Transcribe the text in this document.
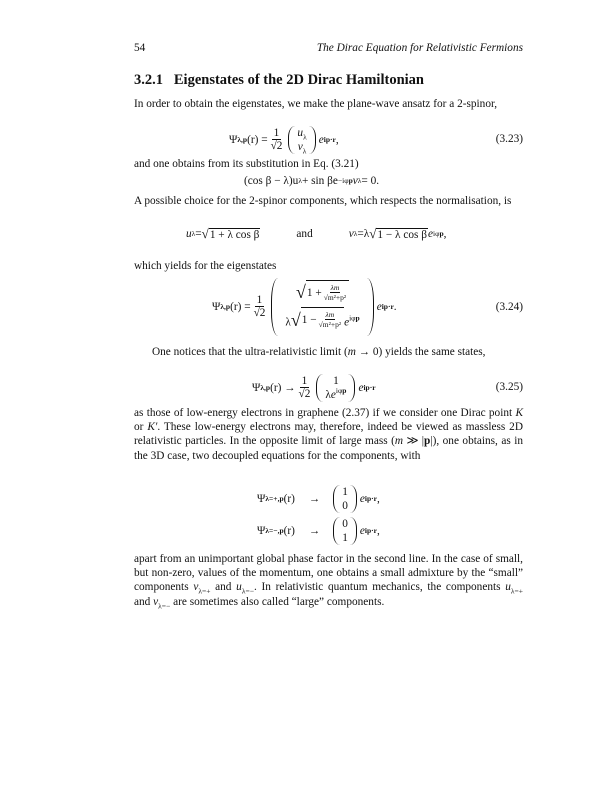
54	The Dirac Equation for Relativistic Fermions
3.2.1 Eigenstates of the 2D Dirac Hamiltonian
In order to obtain the eigenstates, we make the plane-wave ansatz for a 2-spinor,
Ψ λ,p $(r) = \frac{1}{√2} u_\lambda$
$v_\lambda$
e ip·r ,	(3.23)
and one obtains from its substitution in Eq. (3.21)
(cos β − λ)u λ + sin βe −iφp v λ = 0.
A possible choice for the 2-spinor components, which respects the normalisation, is
u λ = √ 1 + λ cos β	and	v λ = λ √ 1 − λ cos β e iφp ,
which yields for the eigenstates
Ψ λ,p $(r) = \frac{1}{√2}$
√ $1 + \frac{\lambda m}{\text{√m²+p²}}$
λ √ $1 - \frac{\lambda m}{\text{√m²+p²}} e^{i\varphi p}$
e ip·r .	(3.24)
One notices that the ultra-relativistic limit (m → 0) yields the same states,
Ψ λ,p (r)
→ $\frac{1}{√2} 1$
$\lambda e^{i\varphi p}$ e ip·r	(3.25)
as those of low-energy electrons in graphene (2.37) if we consider one Dirac point K or K′. These low-energy electrons may, therefore, indeed be viewed as massless 2D relativistic particles. In the opposite limit of large mass (m ≫ |p|), one obtains, as in the 3D case, two decoupled equations for the components, with
Ψ λ=+,p (r) →
1
0
e ip·r ,
Ψ λ=−,p (r) →
0
1
e ip·r ,
apart from an unimportant global phase factor in the second line. In the case of small, but non-zero, values of the momentum, one obtains a small admixture by the “small” components $v_{\lambda=+}$ and $u_{\lambda=-}$. In relativistic quantum mechanics, the components $u_{\lambda=+}$ and $v_{\lambda=-}$ are sometimes also called “large” components.
